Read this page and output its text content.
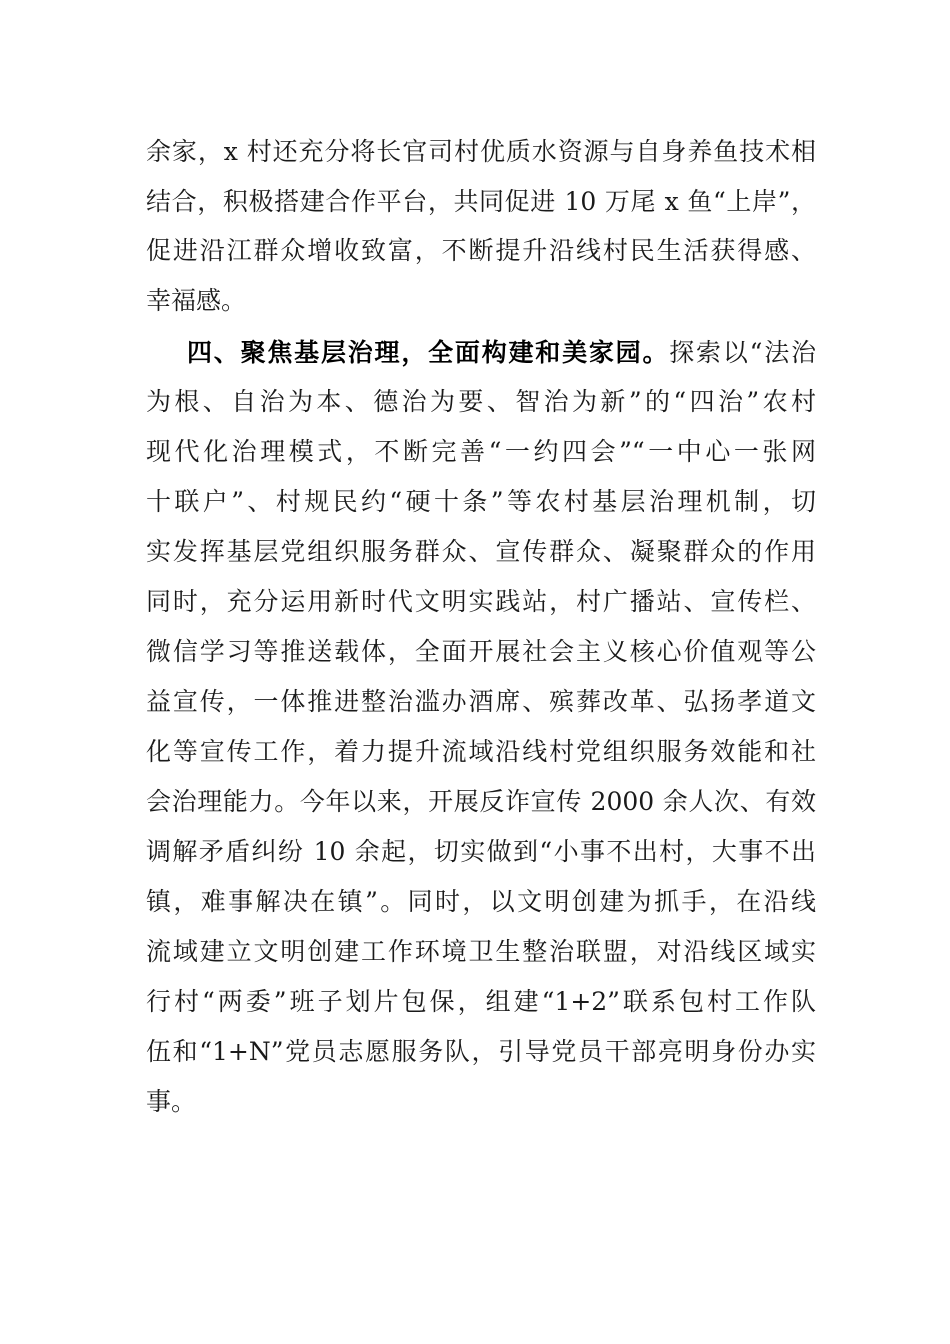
余家，x 村还充分将长官司村优质水资源与自身养鱼技术相
结合，积极搭建合作平台，共同促进 10 万尾 x 鱼“上岸”，
促进沿江群众增收致富，不断提升沿线村民生活获得感、
幸福感。
四、聚焦基层治理，全面构建和美家园。探索以“法治
为根、自治为本、德治为要、智治为新”的“四治”农村
现代化治理模式，不断完善“一约四会”“一中心一张网
十联户”、村规民约“硬十条”等农村基层治理机制，切
实发挥基层党组织服务群众、宣传群众、凝聚群众的作用
同时，充分运用新时代文明实践站，村广播站、宣传栏、
微信学习等推送载体，全面开展社会主义核心价值观等公
益宣传，一体推进整治滥办酒席、殡葬改革、弘扬孝道文
化等宣传工作，着力提升流域沿线村党组织服务效能和社
会治理能力。今年以来，开展反诈宣传 2000 余人次、有效
调解矛盾纠纷 10 余起，切实做到“小事不出村，大事不出
镇，难事解决在镇”。同时，以文明创建为抓手，在沿线
流域建立文明创建工作环境卫生整治联盟，对沿线区域实
行村“两委”班子划片包保，组建“1+2”联系包村工作队
伍和“1+N”党员志愿服务队，引导党员干部亮明身份办实
事。
